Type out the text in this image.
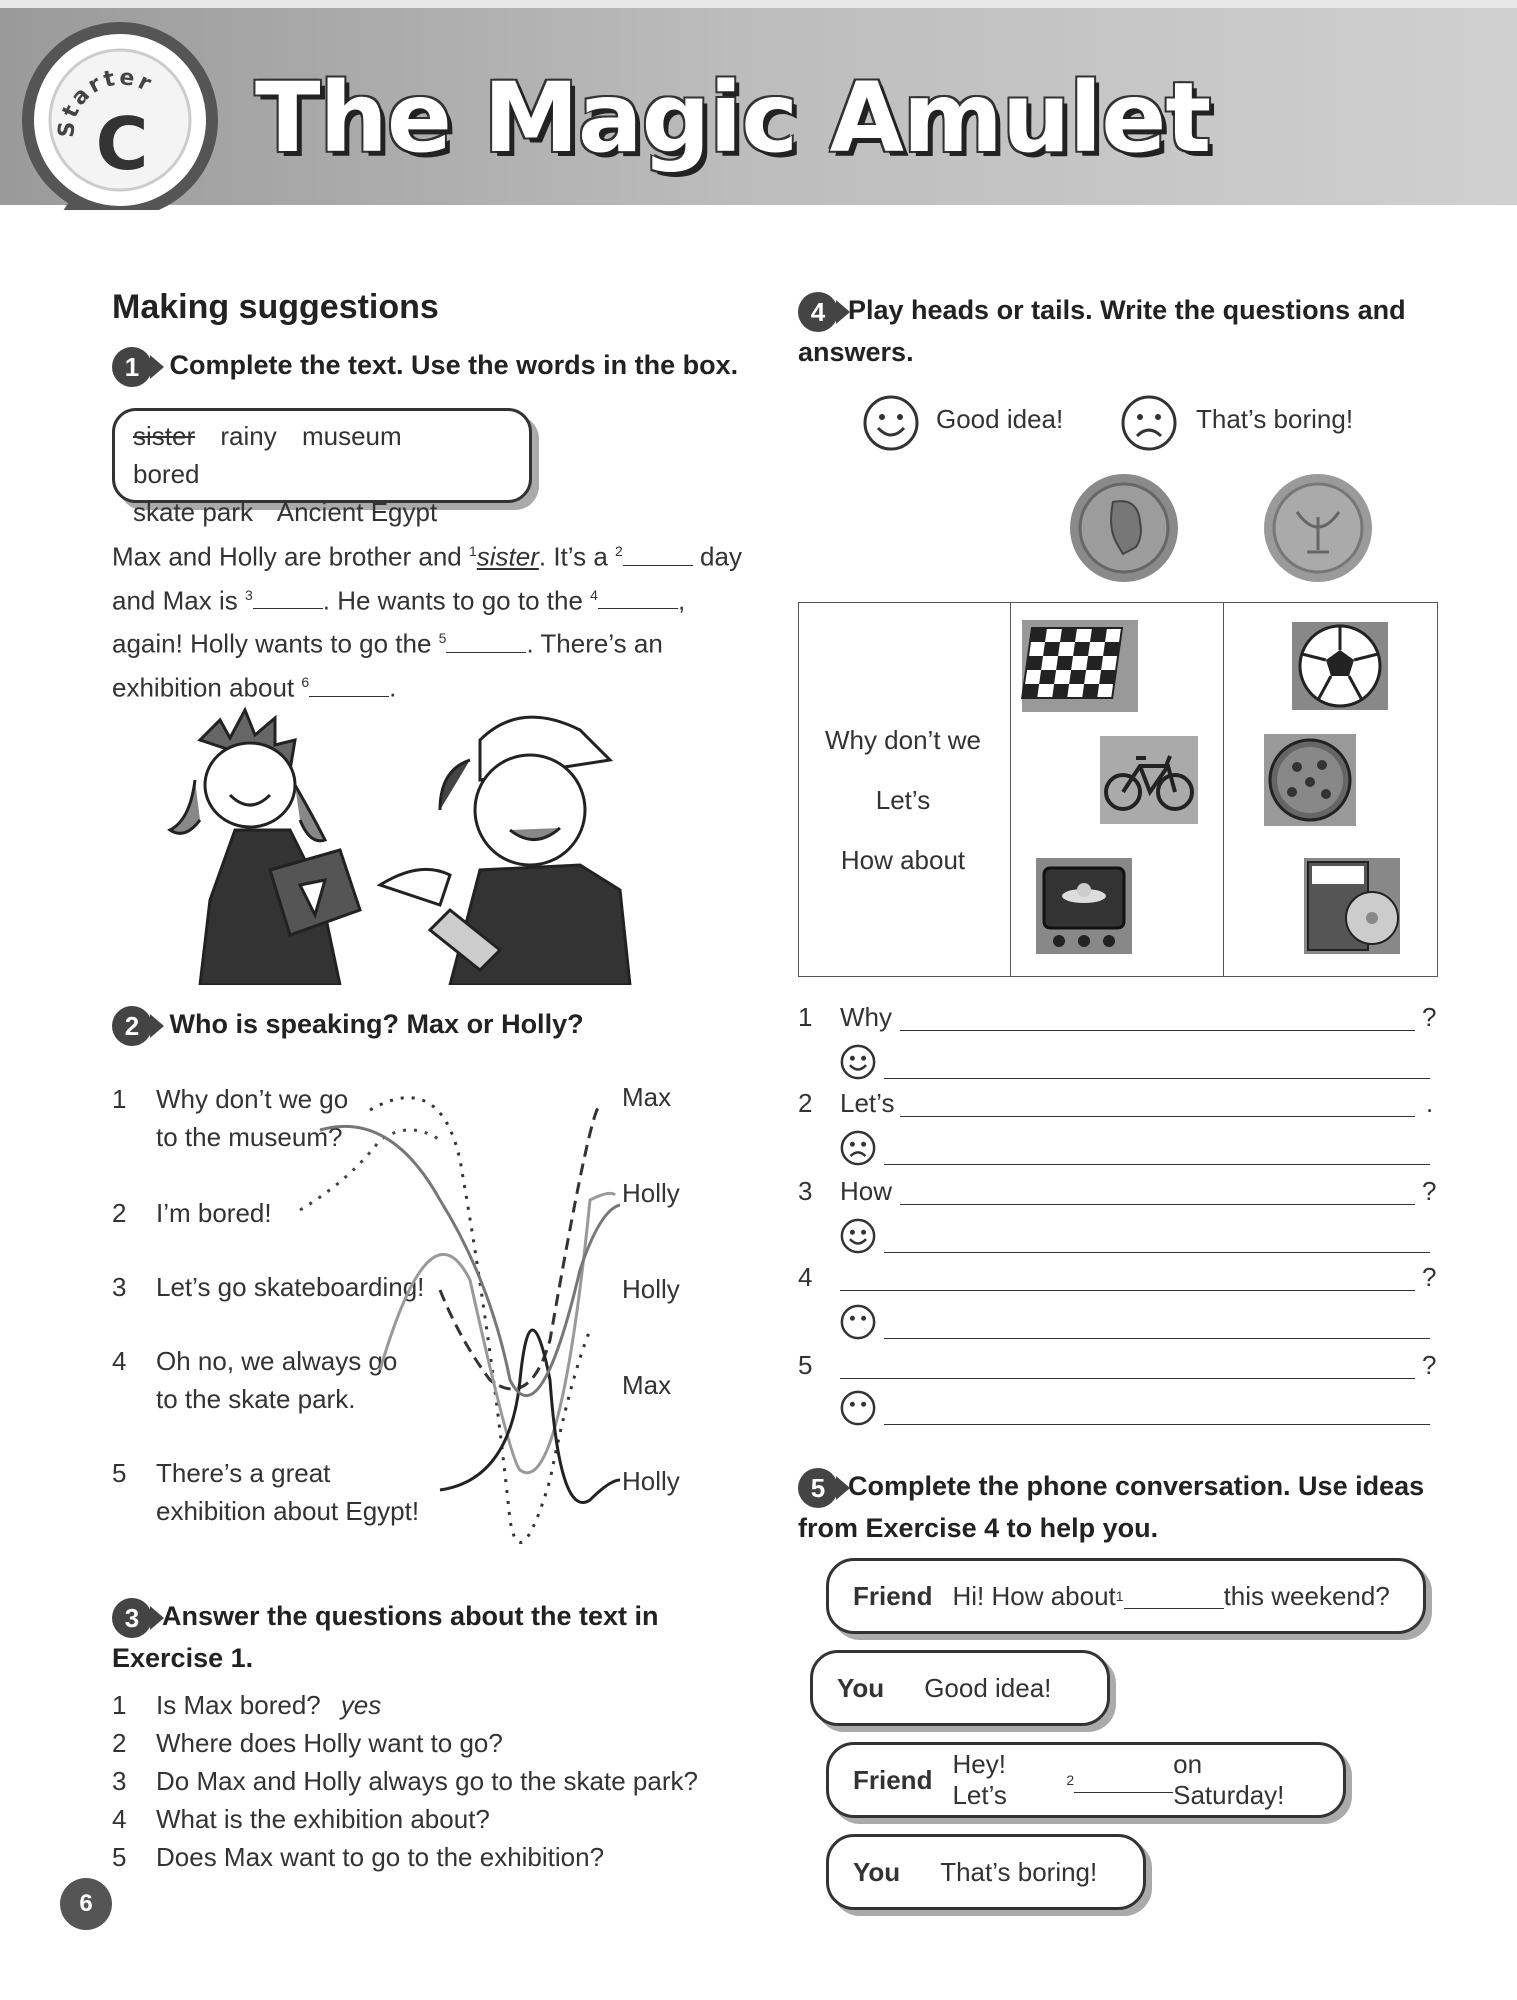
Starter
C The Magic Amulet
Making suggestions
1 Complete the text. Use the words in the box.
sister rainy museum bored
skate park Ancient Egypt
Max and Holly are brother and $^1$sister. It’s a $^2$	day
and Max is $^3$	. He wants to go to the $^4$	,
again! Holly wants to go the $^5$	. There’s an
exhibition about $^6$	.
2 Who is speaking? Max or Holly?
1 Why don’t we go
to the museum?
2 I’m bored!
3 Let’s go skateboarding!
4 Oh no, we always go
to the skate park.
5 There’s a great
exhibition about Egypt!
Max
Holly
Holly
Max
Holly
3 Answer the questions about the text in
Exercise 1.
1 Is Max bored? yes
2 Where does Holly want to go?
3 Do Max and Holly always go to the skate park?
4 What is the exhibition about?
5 Does Max want to go to the exhibition?
6
4 Play heads or tails. Write the questions and
answers.
Good idea!	That’s boring!
Why don’t we
Let’s
How about
1 Why	?
2 Let’s	.
3 How	?
4	?
5	?
5 Complete the phone conversation. Use ideas
from Exercise 4 to help you.
Friend Hi! How about 1	this weekend?
You Good idea!
Friend
Hey! Let’s	2
on Saturday!
You That’s boring!
